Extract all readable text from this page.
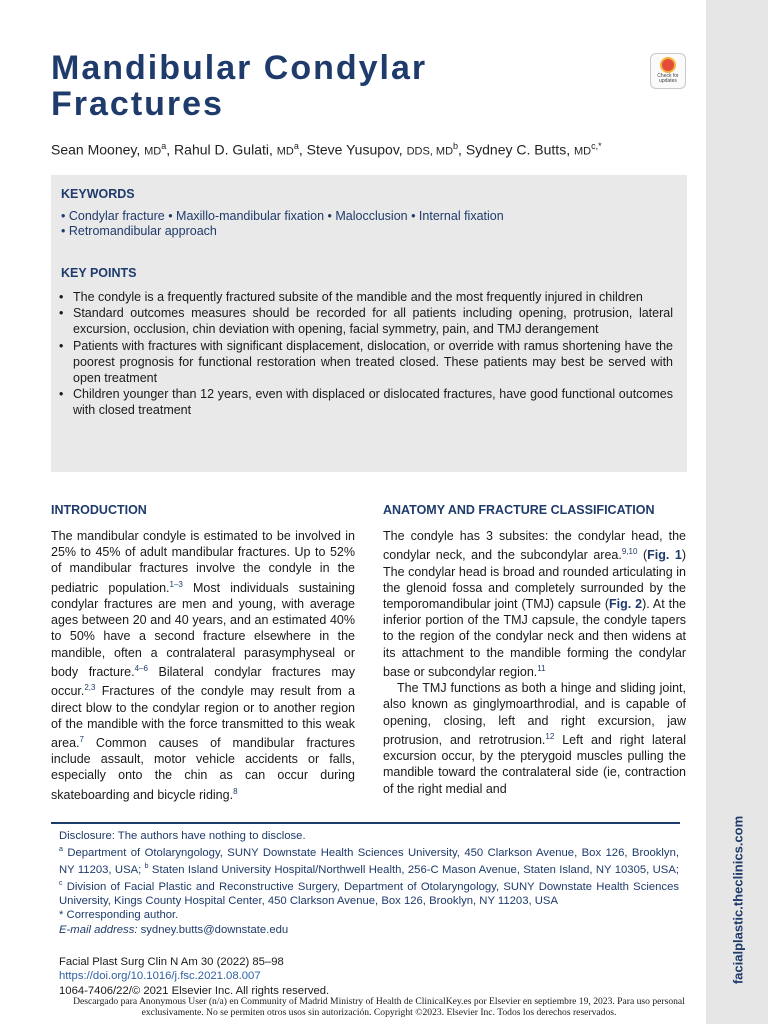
Mandibular Condylar Fractures
Check for updates
Sean Mooney, $MD^a$, Rahul D. Gulati, $MD^a$, Steve Yusupov, DDS, $MD^b$, Sydney C. Butts, $MD^{c,*}$
KEYWORDS
• Condylar fracture • Maxillo-mandibular fixation • Malocclusion • Internal fixation
• Retromandibular approach
KEY POINTS
• The condyle is a frequently fractured subsite of the mandible and the most frequently injured in children
• Standard outcomes measures should be recorded for all patients including opening, protrusion, lateral excursion, occlusion, chin deviation with opening, facial symmetry, pain, and TMJ derangement
• Patients with fractures with significant displacement, dislocation, or override with ramus shortening have the poorest prognosis for functional restoration when treated closed. These patients may best be served with open treatment
• Children younger than 12 years, even with displaced or dislocated fractures, have good functional outcomes with closed treatment
INTRODUCTION

The mandibular condyle is estimated to be involved in 25% to 45% of adult mandibular fractures. Up to 52% of mandibular fractures involve the condyle in the pediatric population.$^{1-3}$ Most individuals sustaining condylar fractures are men and young, with average ages between 20 and 40 years, and an estimated 40% to 50% have a second fracture elsewhere in the mandible, often a contralateral parasymphyseal or body fracture.$^{4-6}$ Bilateral condylar fractures may occur.$^{2,3}$ Fractures of the condyle may result from a direct blow to the condylar region or to another region of the mandible with the force transmitted to this weak area.$^7$ Common causes of mandibular fractures include assault, motor vehicle accidents or falls, especially onto the chin as can occur during skateboarding and bicycle riding.$^8$

ANATOMY AND FRACTURE CLASSIFICATION

The condyle has 3 subsites: the condylar head, the condylar neck, and the subcondylar area.$^{9,10}$ (Fig. 1) The condylar head is broad and rounded articulating in the glenoid fossa and completely surrounded by the temporomandibular joint (TMJ) capsule (Fig. 2). At the inferior portion of the TMJ capsule, the condyle tapers to the region of the condylar neck and then widens at its attachment to the mandible forming the condylar base or subcondylar region.$^{11}$
The TMJ functions as both a hinge and sliding joint, also known as ginglymoarthrodial, and is capable of opening, closing, left and right excursion, jaw protrusion, and retrotrusion.$^{12}$ Left and right lateral excursion occur, by the pterygoid muscles pulling the mandible toward the contralateral side (ie, contraction of the right medial and

Disclosure: The authors have nothing to disclose.

$^a$ Department of Otolaryngology, SUNY Downstate Health Sciences University, 450 Clarkson Avenue, Box 126, Brooklyn, NY 11203, USA; $^b$ Staten Island University Hospital/Northwell Health, 256-C Mason Avenue, Staten Island, NY 10305, USA; $^c$ Division of Facial Plastic and Reconstructive Surgery, Department of Otolaryngology, SUNY Downstate Health Sciences University, Kings County Hospital Center, 450 Clarkson Avenue, Box 126, Brooklyn, NY 11203, USA

* Corresponding author.

E-mail address: sydney.butts@downstate.edu

Facial Plast Surg Clin N Am 30 (2022) 85–98
https://doi.org/10.1016/j.fsc.2021.08.007
1064-7406/22/© 2021 Elsevier Inc. All rights reserved.
Descargado para Anonymous User (n/a) en Community of Madrid Ministry of Health de ClinicalKey.es por Elsevier en septiembre 19, 2023. Para uso personal exclusivamente. No se permiten otros usos sin autorización. Copyright ©2023. Elsevier Inc. Todos los derechos reservados.
facialplastic.theclinics.com
